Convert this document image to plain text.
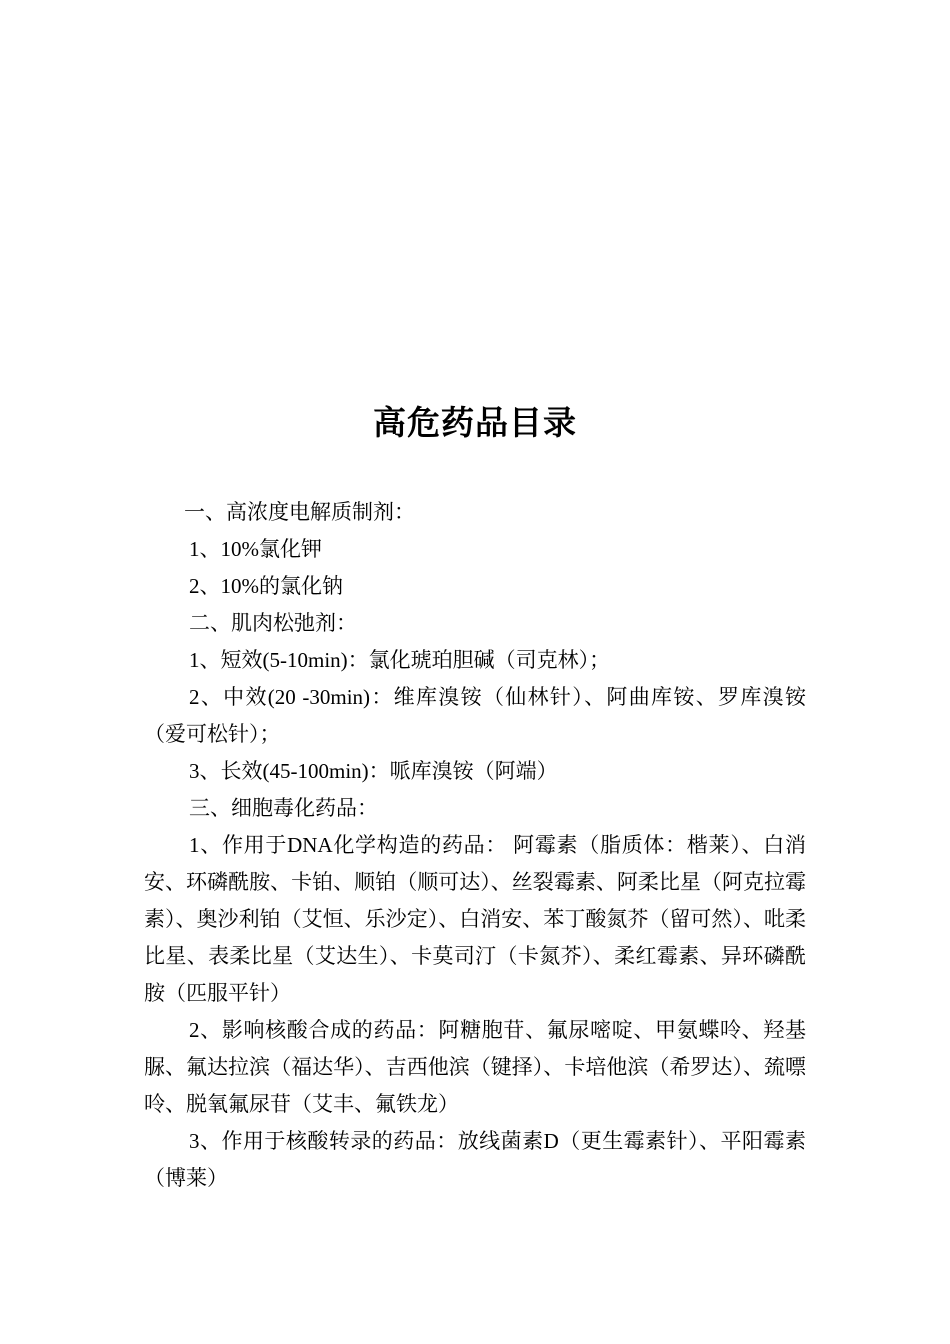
高危药品目录

一、高浓度电解质制剂：

1、10%氯化钾

2、10%的氯化钠

二、肌肉松弛剂：

1、短效(5-10min)：氯化琥珀胆碱（司克林）；

2、中效(20 -30min)：维库溴铵（仙林针）、阿曲库铵、罗库溴铵（爱可松针）；

3、长效(45-100min)：哌库溴铵（阿端）

三、细胞毒化药品：

1、作用于DNA化学构造的药品： 阿霉素（脂质体：楷莱）、白消安、环磷酰胺、卡铂、顺铂（顺可达）、丝裂霉素、阿柔比星（阿克拉霉素）、奥沙利铂（艾恒、乐沙定）、白消安、苯丁酸氮芥（留可然）、吡柔比星、表柔比星（艾达生）、卡莫司汀（卡氮芥）、柔红霉素、异环磷酰胺（匹服平针）

2、影响核酸合成的药品：阿糖胞苷、氟尿嘧啶、甲氨蝶呤、羟基脲、氟达拉滨（福达华）、吉西他滨（键择）、卡培他滨（希罗达）、巯嘌呤、脱氧氟尿苷（艾丰、氟铁龙）

3、作用于核酸转录的药品：放线菌素D（更生霉素针）、平阳霉素（博莱）
